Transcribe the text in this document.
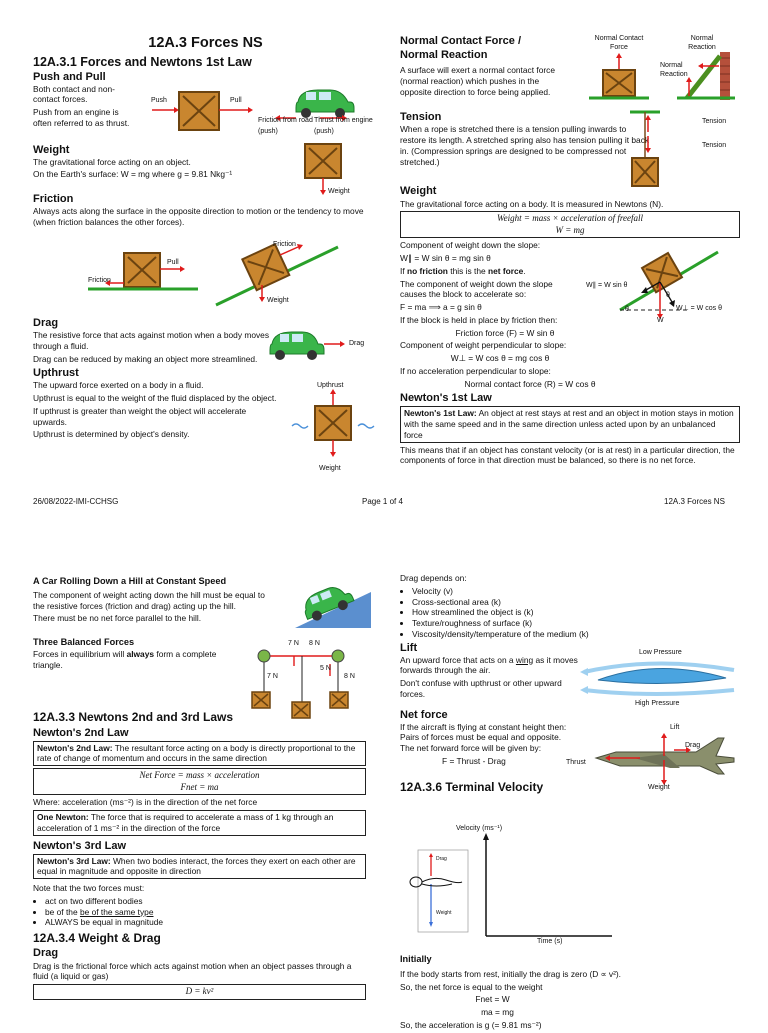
12A.3 Forces NS
12A.3.1 Forces and Newtons 1st Law
Push and Pull

Both contact and non-contact forces.

Push from an engine is often referred to as thrust.

Weight

The gravitational force acting on an object.

On the Earth's surface: W = mg where g = 9.81 Nkg⁻¹

Friction

Always acts along the surface in the opposite direction to motion or the tendency to move (when friction balances the other forces).

Push	Pull
Friction from road (push)
Thrust from engine (push)
Weight
Friction
Pull
Friction
Weight
Drag

The resistive force that acts against motion when a body moves through a fluid.

Drag can be reduced by making an object more streamlined.

Upthrust

The upward force exerted on a body in a fluid.

Upthrust is equal to the weight of the fluid displaced by the object.

If upthrust is greater than weight the object will accelerate upwards.

Upthrust is determined by object's density.

Drag
Upthrust
Weight
Normal Contact Force /
Normal Reaction

A surface will exert a normal contact force (normal reaction) which pushes in the opposite direction to force being applied.

Tension

When a rope is stretched there is a tension pulling inwards to restore its length. A stretched spring also has tension pulling it back in. (Compression springs are designed to be compressed not stretched.)

Weight

The gravitational force acting on a body. It is measured in Newtons (N).

Weight = mass × acceleration of freefall
W = mg

Component of weight down the slope:

W∥ = W sin θ = mg sin θ

If no friction this is the net force.

The component of weight down the slope causes the block to accelerate so:

F = ma ⟹ a = g sin θ

If the block is held in place by friction then:

Friction force (F) = W sin θ

Component of weight perpendicular to slope:

W⊥ = W cos θ = mg cos θ

If no acceleration perpendicular to slope:

Normal contact force (R) = W cos θ

Newton's 1st Law
Newton's 1st Law: An object at rest stays at rest and an object in motion stays in motion with the same speed and in the same direction unless acted upon by an unbalanced force

This means that if an object has constant velocity (or is at rest) in a particular direction, the components of force in that direction must be balanced, so there is no net force.

Normal Contact Force
Normal Reaction
Normal Reaction
Tension
Tension
W∥ = W sin θ
W⊥ = W cos θ
θ
θ
W
26/08/2022-IMI-CCHSG	Page 1 of 4	12A.3 Forces NS
A Car Rolling Down a Hill at Constant Speed

The component of weight acting down the hill must be equal to the resistive forces (friction and drag) acting up the hill.

There must be no net force parallel to the hill.

Three Balanced Forces

Forces in equilibrium will always form a complete triangle.

12A.3.3 Newtons 2nd and 3rd Laws
Newton's 2nd Law
Newton's 2nd Law: The resultant force acting on a body is directly proportional to the rate of change of momentum and occurs in the same direction
Net Force = mass × acceleration
Fnet = ma

Where: acceleration (ms⁻²) is in the direction of the net force

One Newton: The force that is required to accelerate a mass of 1 kg through an acceleration of 1 ms⁻² in the direction of the force
Newton's 3rd Law
Newton's 3rd Law: When two bodies interact, the forces they exert on each other are equal in magnitude and opposite in direction

Note that the two forces must:

• act on two different bodies
• be of the be of the same type
• ALWAYS be equal in magnitude
12A.3.4 Weight & Drag
Drag

Drag is the frictional force which acts against motion when an object passes through a fluid (a liquid or gas)

D = kv²
7 N 8 N
7 N
5 N
8 N

Drag depends on:

• Velocity (v)
• Cross-sectional area (k)
• How streamlined the object is (k)
• Texture/roughness of surface (k)
• Viscosity/density/temperature of the medium (k)
Lift

An upward force that acts on a wing as it moves forwards through the air.

Don't confuse with upthrust or other upward forces.

Net force

If the aircraft is flying at constant height then: Pairs of forces must be equal and opposite. The net forward force will be given by:

F = Thrust - Drag

12A.3.6 Terminal Velocity
Low Pressure
High Pressure
Lift
Drag
Thrust
Weight
Velocity (ms⁻¹)
Drag
Weight
Time (s)
Initially

If the body starts from rest, initially the drag is zero (D ∝ v²).

So, the net force is equal to the weight

Fnet = W

ma = mg

So, the acceleration is g (= 9.81 ms⁻²)
